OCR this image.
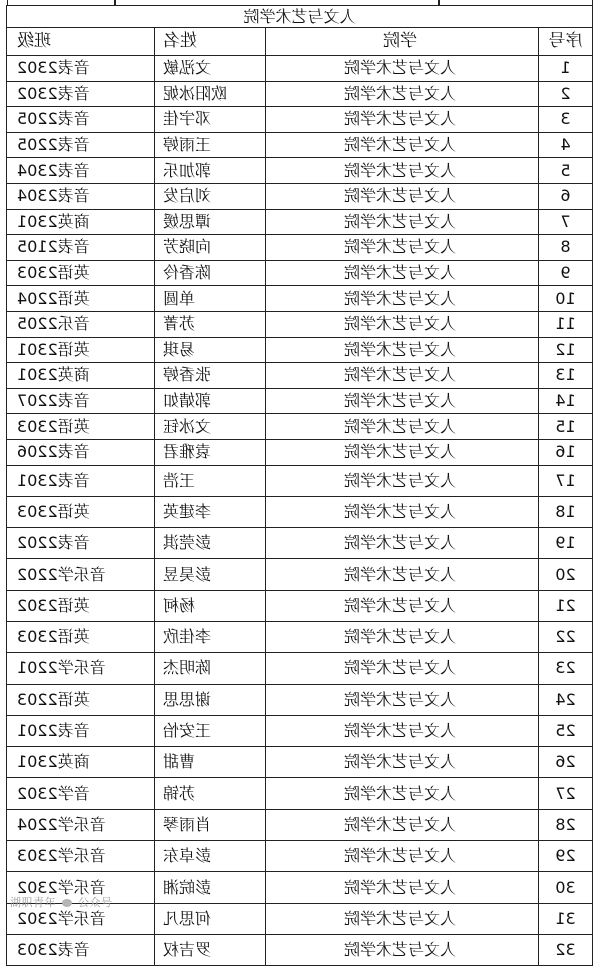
人文与艺术学院			
序号	学院	姓名	班级
1	人文与艺术学院	文泓敏	音表2302
2	人文与艺术学院	欧阳冰妮	音表2302
3	人文与艺术学院	邓宇佳	音表2205
4	人文与艺术学院	王雨婷	音表2205
5	人文与艺术学院	郭加乐	音表2304
6	人文与艺术学院	刘启发	音表2304
7	人文与艺术学院	谭思媛	商英2301
8	人文与艺术学院	向晓芳	音表2105
9	人文与艺术学院	陈香伶	英语2303
10	人文与艺术学院	单圆	英语2204
11	人文与艺术学院	苏菁	音乐2205
12	人文与艺术学院	易琪	英语2301
13	人文与艺术学院	张香婷	商英2301
14	人文与艺术学院	郭婧如	音表2207
15	人文与艺术学院	文冰钰	英语2303
16	人文与艺术学院	袁雅君	音表2206
17	人文与艺术学院	王浩	音表2301
18	人文与艺术学院	李建英	英语2303
19	人文与艺术学院	彭莞淇	音表2202
20	人文与艺术学院	彭昊昱	音乐学2202
21	人文与艺术学院	杨柯	英语2302
22	人文与艺术学院	李佳欣	英语2303
23	人文与艺术学院	陈明杰	音乐学2201
24	人文与艺术学院	谢思思	英语2203
25	人文与艺术学院	王安怡	音表2201
26	人文与艺术学院	曹甜	商英2301
27	人文与艺术学院	苏锦	音学2302
28	人文与艺术学院	肖雨琴	音乐学2204
29	人文与艺术学院	彭卓东	音乐学2303
30	人文与艺术学院	彭皖湘	音乐学2302
31	人文与艺术学院	何思凡	音乐学2302
32	人文与艺术学院	罗吉权	音表2303
湖职青年 公众号
